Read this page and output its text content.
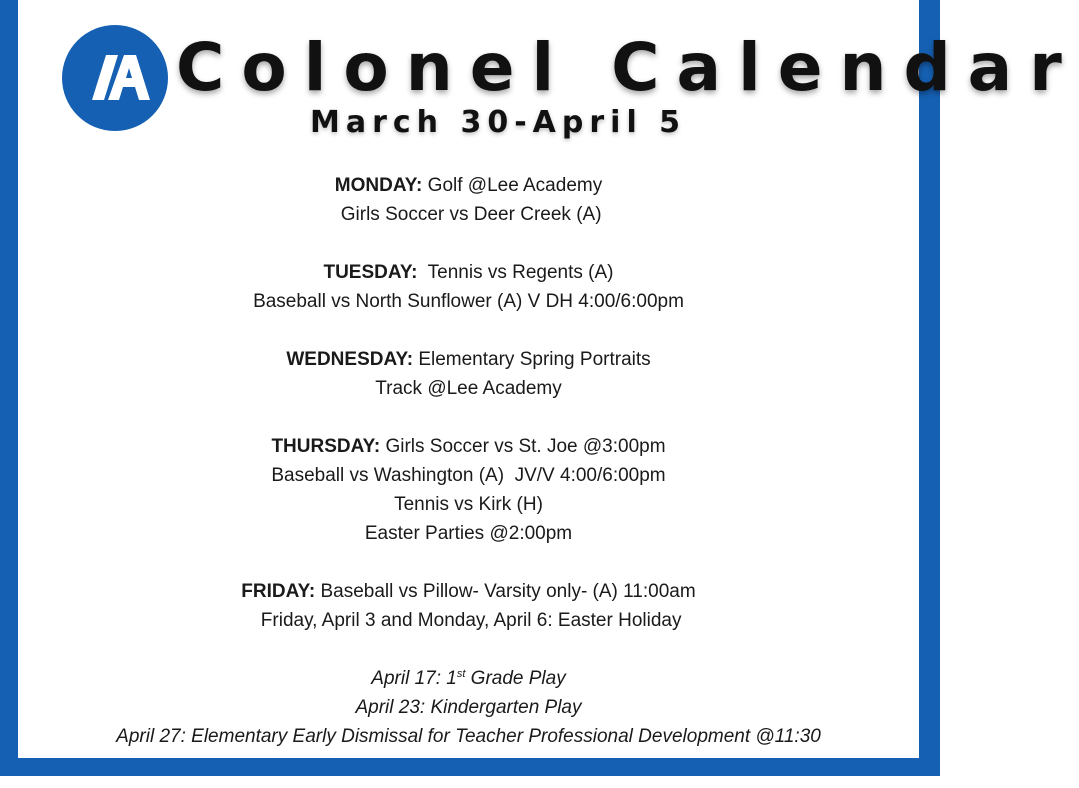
Colonel Calendar
March 30-April 5
MONDAY: Golf @Lee Academy
Girls Soccer vs Deer Creek (A)
TUESDAY:  Tennis vs Regents (A)
Baseball vs North Sunflower (A) V DH 4:00/6:00pm
WEDNESDAY: Elementary Spring Portraits
Track @Lee Academy
THURSDAY: Girls Soccer vs St. Joe @3:00pm
Baseball vs Washington (A)  JV/V 4:00/6:00pm
Tennis vs Kirk (H)
Easter Parties @2:00pm
FRIDAY: Baseball vs Pillow- Varsity only- (A) 11:00am
Friday, April 3 and Monday, April 6: Easter Holiday
April 17: 1st Grade Play
April 23: Kindergarten Play
April 27: Elementary Early Dismissal for Teacher Professional Development @11:30
